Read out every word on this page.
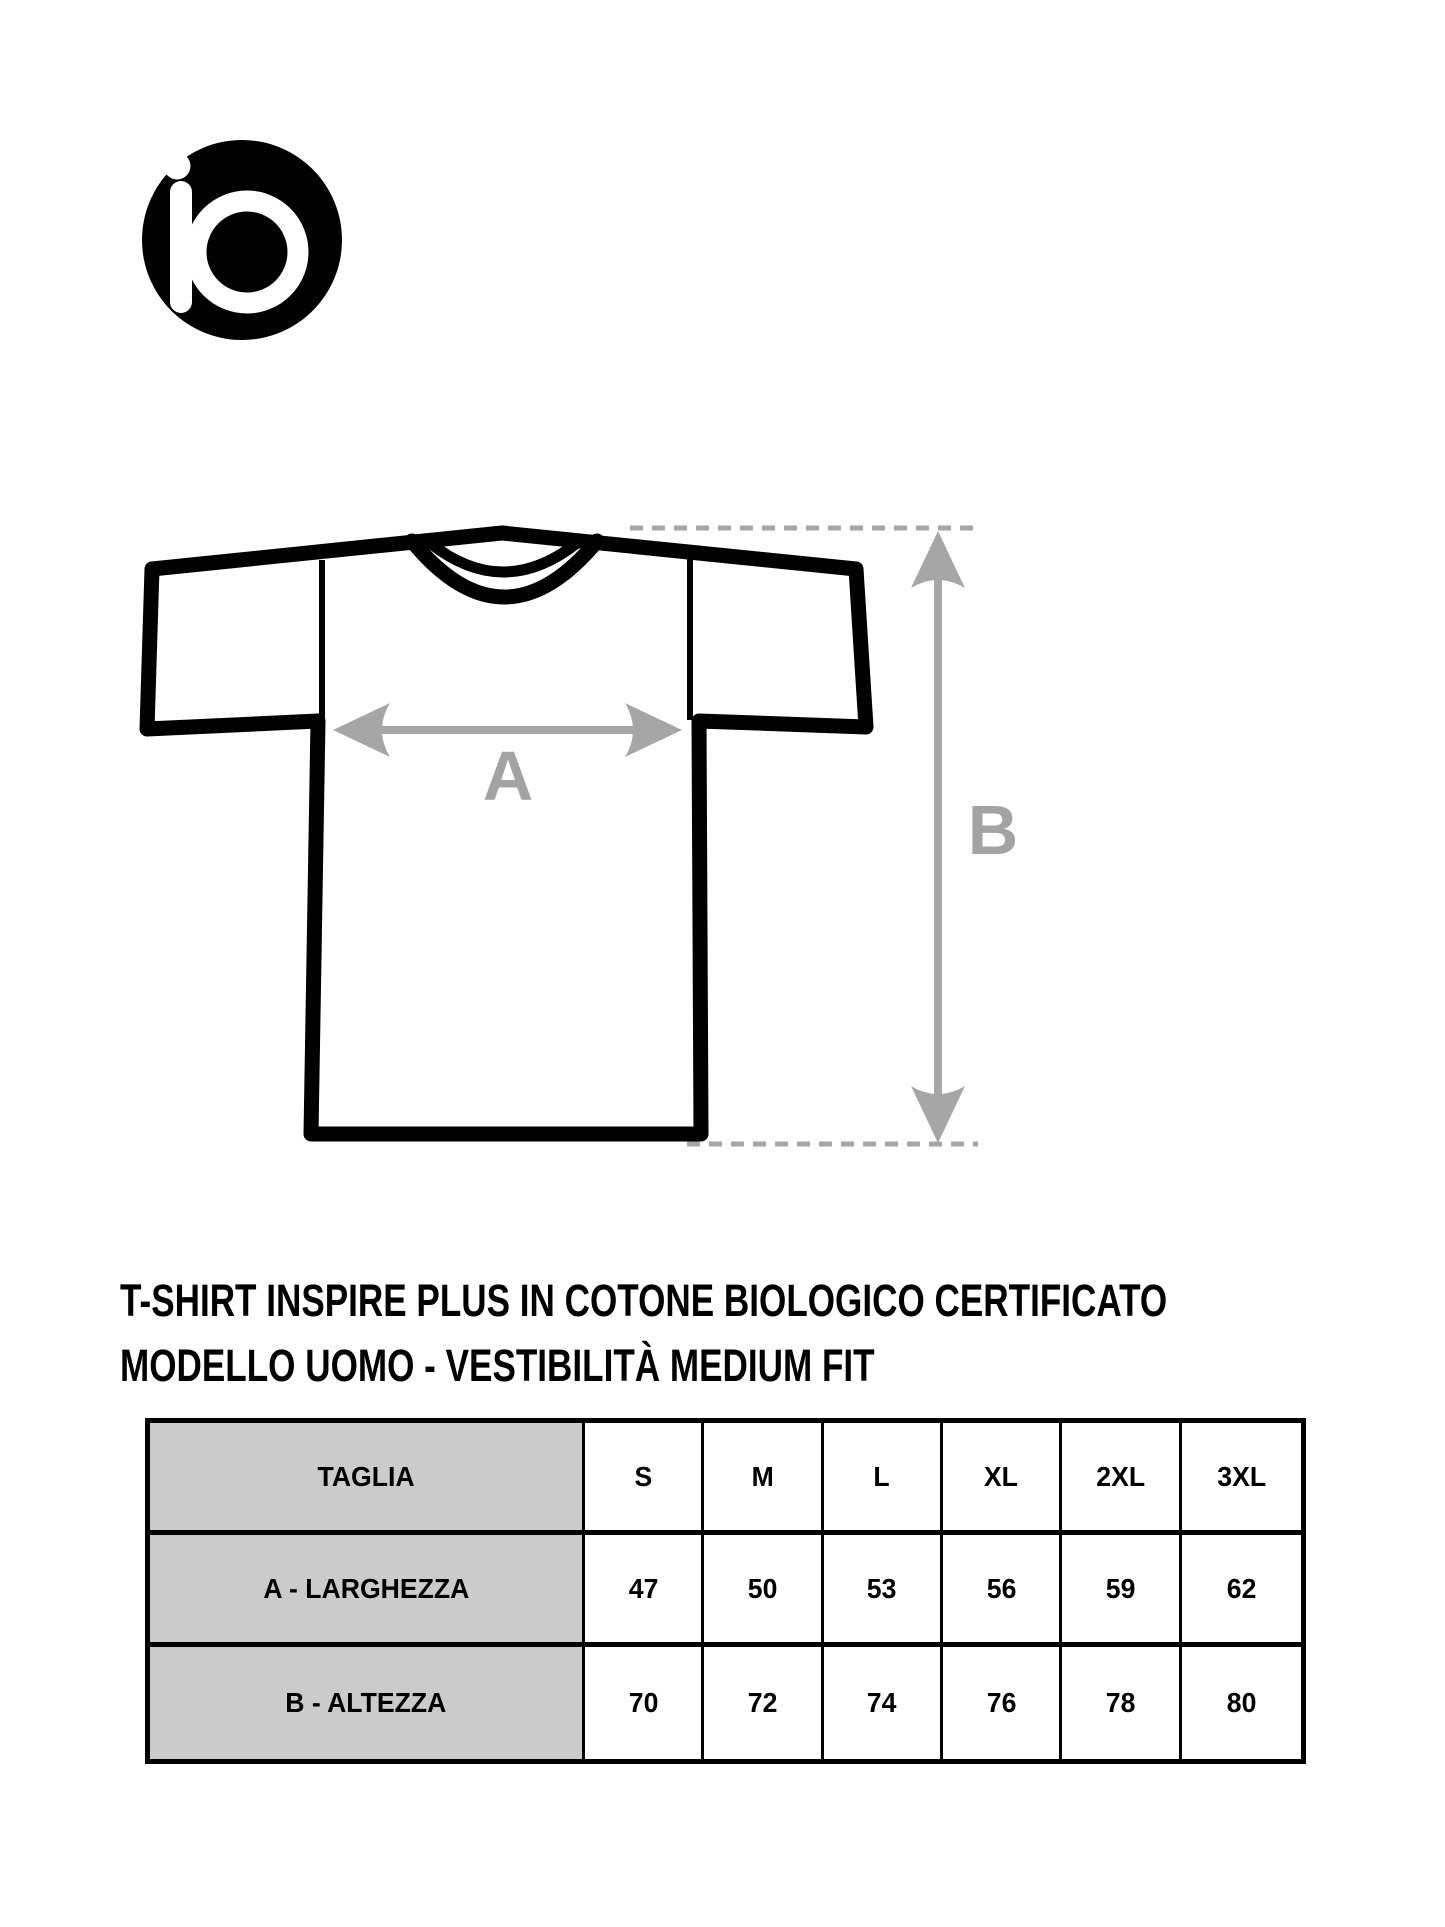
A
B
T-SHIRT INSPIRE PLUS IN COTONE BIOLOGICO CERTIFICATO
MODELLO UOMO - VESTIBILITÀ MEDIUM FIT
TAGLIA	S	M	L	XL	2XL	3XL
A - LARGHEZZA	47	50	53	56	59	62
B - ALTEZZA	70	72	74	76	78	80
